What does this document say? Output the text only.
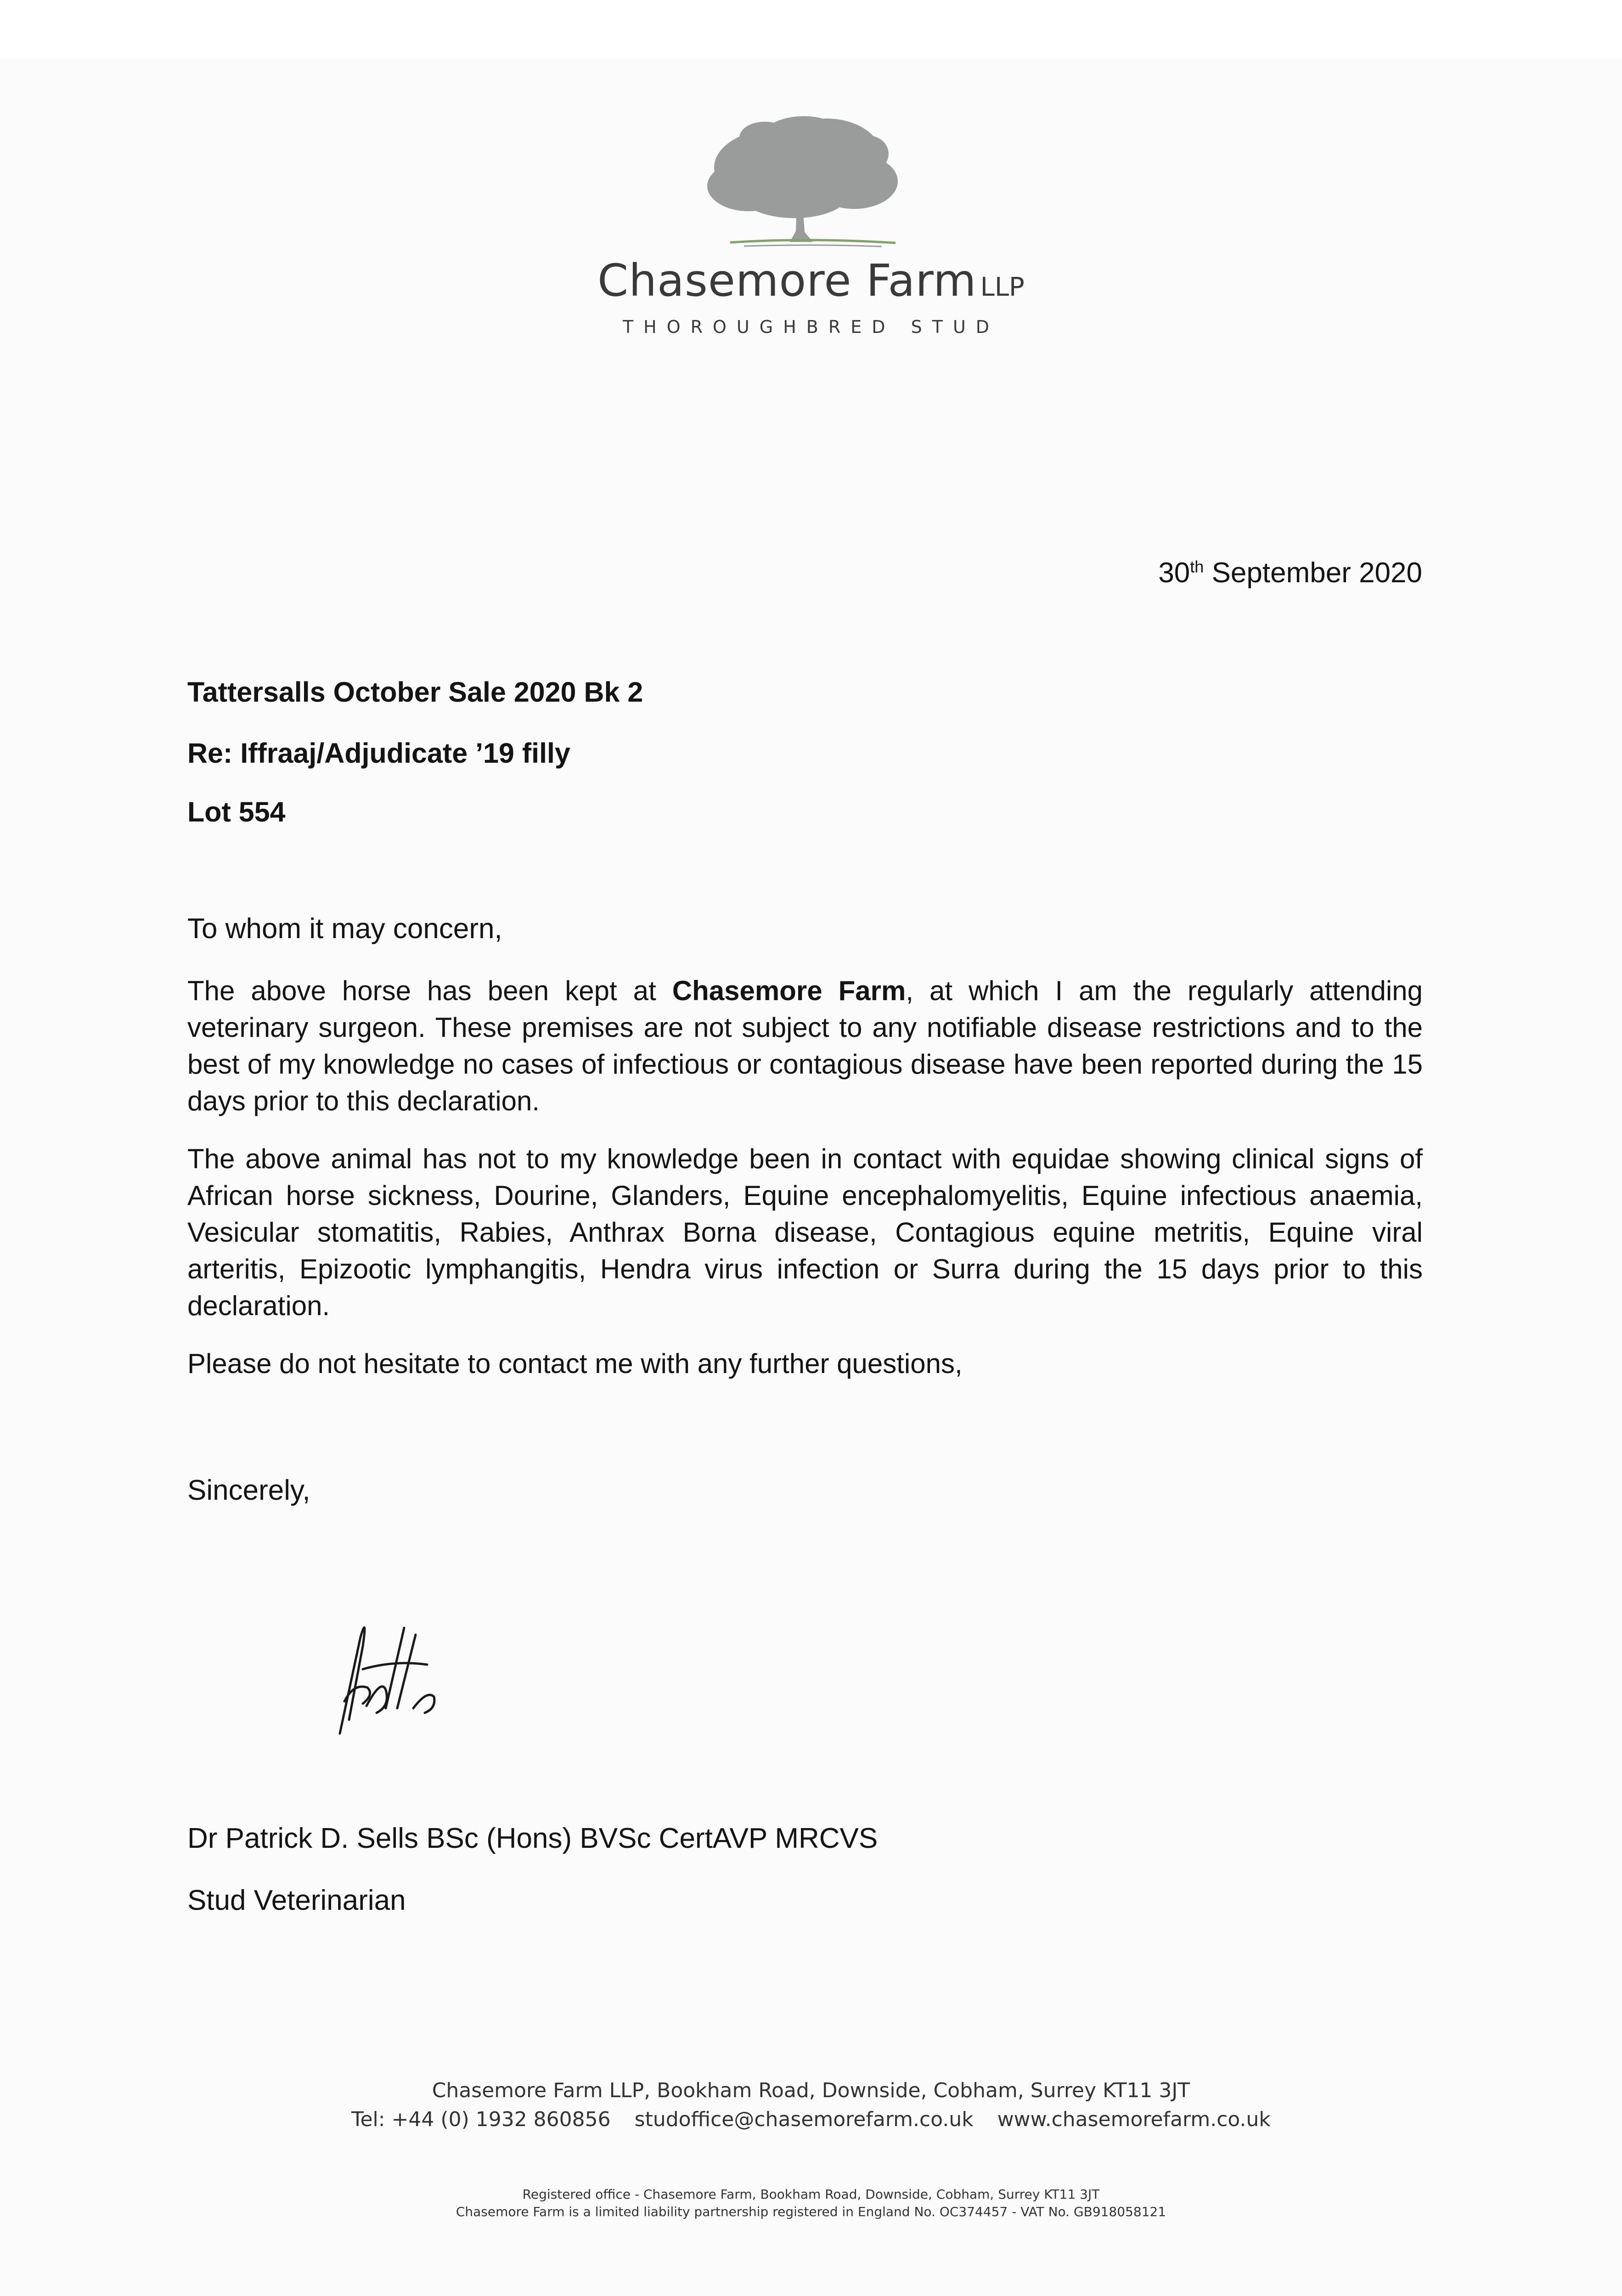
Chasemore Farm LLP
THOROUGHBRED STUD
30th September 2020
Tattersalls October Sale 2020 Bk 2
Re: Iffraaj/Adjudicate ’19 filly
Lot 554
To whom it may concern,

The above horse has been kept at Chasemore Farm, at which I am the regularly attending veterinary surgeon. These premises are not subject to any notifiable disease restrictions and to the best of my knowledge no cases of infectious or contagious disease have been reported during the 15 days prior to this declaration.

The above animal has not to my knowledge been in contact with equidae showing clinical signs of African horse sickness, Dourine, Glanders, Equine encephalomyelitis, Equine infectious anaemia, Vesicular stomatitis, Rabies, Anthrax Borna disease, Contagious equine metritis, Equine viral arteritis, Epizootic lymphangitis, Hendra virus infection or Surra during the 15 days prior to this declaration.

Please do not hesitate to contact me with any further questions,

Sincerely,
Dr Patrick D. Sells BSc (Hons) BVSc CertAVP MRCVS
Stud Veterinarian
Chasemore Farm LLP, Bookham Road, Downside, Cobham, Surrey KT11 3JT
Tel: +44 (0) 1932 860856 studoffice@chasemorefarm.co.uk www.chasemorefarm.co.uk
Registered office - Chasemore Farm, Bookham Road, Downside, Cobham, Surrey KT11 3JT
Chasemore Farm is a limited liability partnership registered in England No. OC374457 - VAT No. GB918058121
